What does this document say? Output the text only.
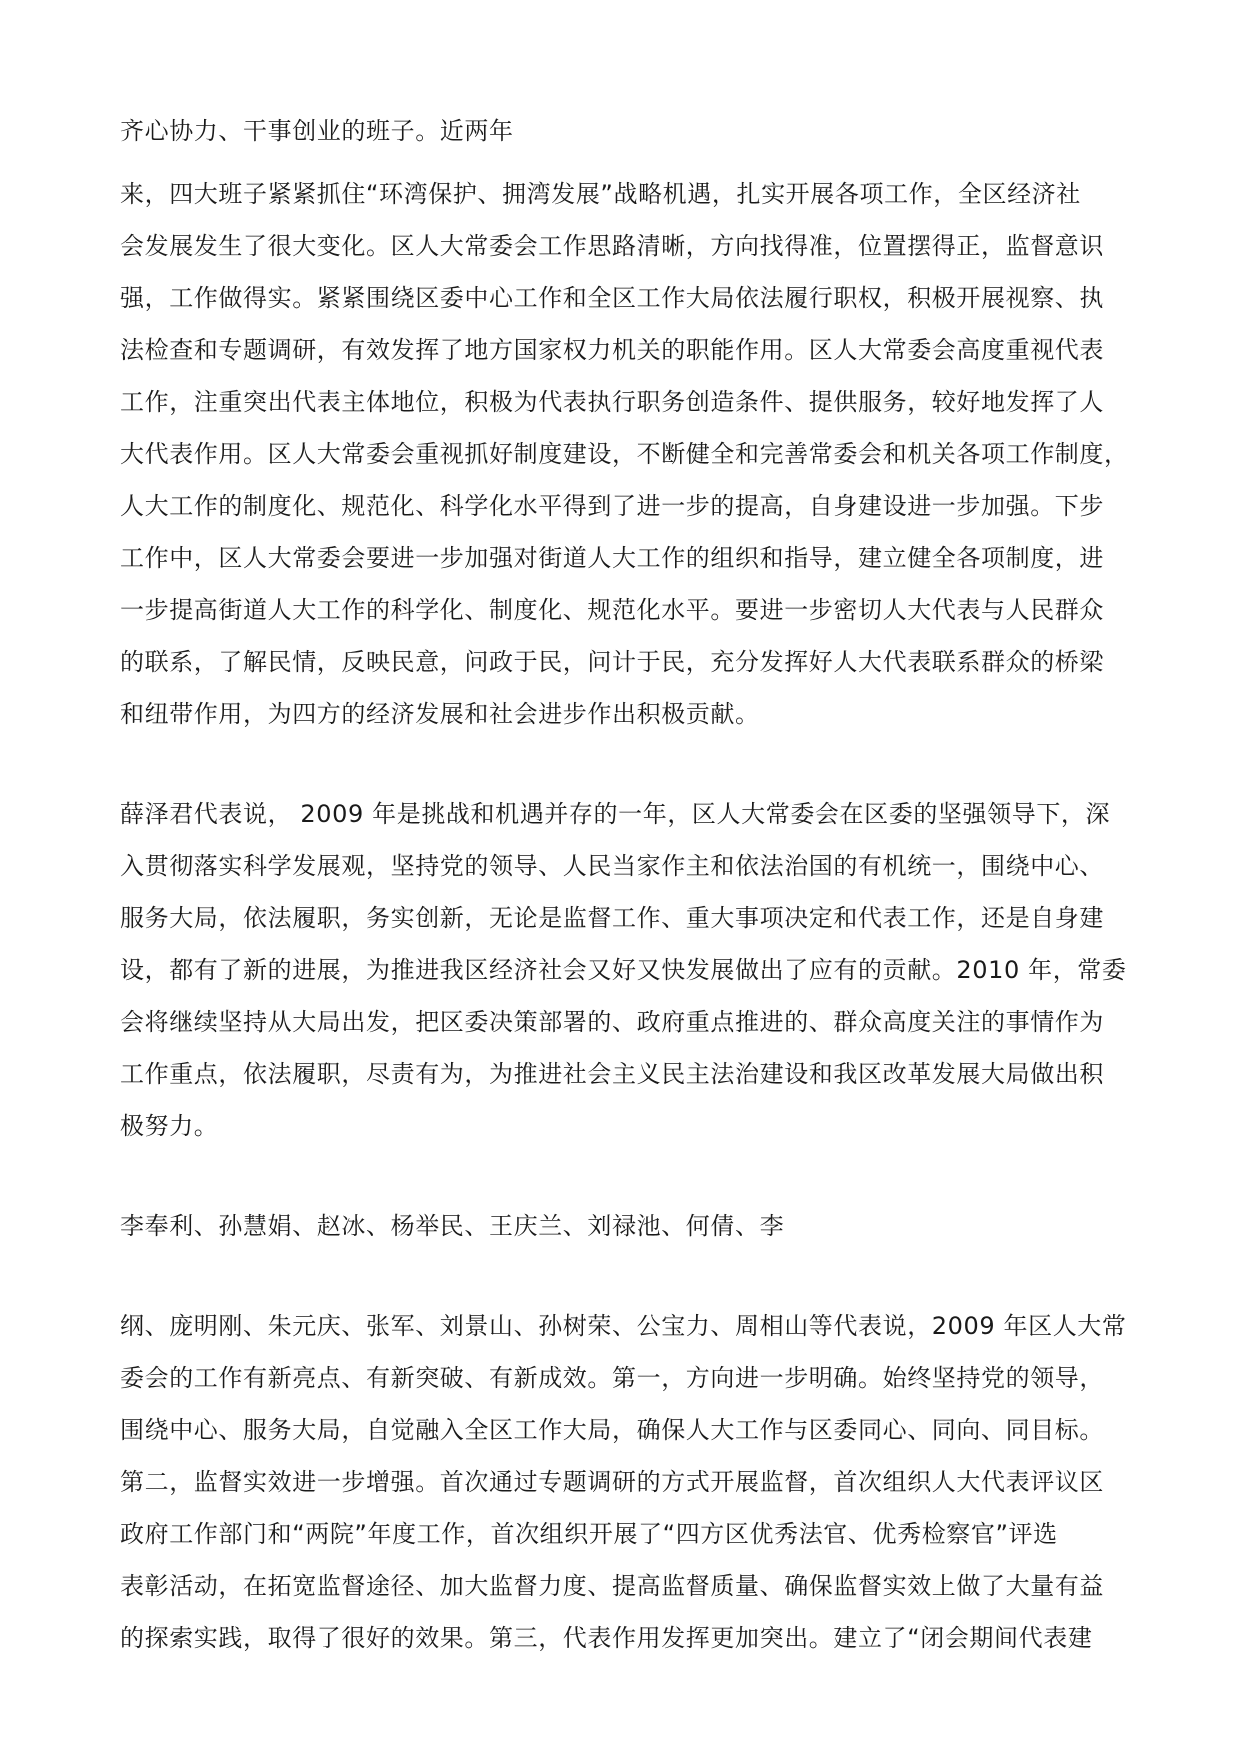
齐心协力、干事创业的班子。近两年

来，四大班子紧紧抓住“环湾保护、拥湾发展”战略机遇，扎实开展各项工作，全区经济社

会发展发生了很大变化。区人大常委会工作思路清晰，方向找得准，位置摆得正，监督意识

强，工作做得实。紧紧围绕区委中心工作和全区工作大局依法履行职权，积极开展视察、执

法检查和专题调研，有效发挥了地方国家权力机关的职能作用。区人大常委会高度重视代表

工作，注重突出代表主体地位，积极为代表执行职务创造条件、提供服务，较好地发挥了人

大代表作用。区人大常委会重视抓好制度建设，不断健全和完善常委会和机关各项工作制度，

人大工作的制度化、规范化、科学化水平得到了进一步的提高，自身建设进一步加强。下步

工作中，区人大常委会要进一步加强对街道人大工作的组织和指导，建立健全各项制度，进

一步提高街道人大工作的科学化、制度化、规范化水平。要进一步密切人大代表与人民群众

的联系，了解民情，反映民意，问政于民，问计于民，充分发挥好人大代表联系群众的桥梁

和纽带作用，为四方的经济发展和社会进步作出积极贡献。

薛泽君代表说， 2009 年是挑战和机遇并存的一年，区人大常委会在区委的坚强领导下，深

入贯彻落实科学发展观，坚持党的领导、人民当家作主和依法治国的有机统一，围绕中心、

服务大局，依法履职，务实创新，无论是监督工作、重大事项决定和代表工作，还是自身建

设，都有了新的进展，为推进我区经济社会又好又快发展做出了应有的贡献。2010 年，常委

会将继续坚持从大局出发，把区委决策部署的、政府重点推进的、群众高度关注的事情作为

工作重点，依法履职，尽责有为，为推进社会主义民主法治建设和我区改革发展大局做出积

极努力。

李奉利、孙慧娟、赵冰、杨举民、王庆兰、刘禄池、何倩、李

纲、庞明刚、朱元庆、张军、刘景山、孙树荣、公宝力、周相山等代表说，2009 年区人大常

委会的工作有新亮点、有新突破、有新成效。第一，方向进一步明确。始终坚持党的领导，

围绕中心、服务大局，自觉融入全区工作大局，确保人大工作与区委同心、同向、同目标。

第二，监督实效进一步增强。首次通过专题调研的方式开展监督，首次组织人大代表评议区

政府工作部门和“两院”年度工作，首次组织开展了“四方区优秀法官、优秀检察官”评选

表彰活动，在拓宽监督途径、加大监督力度、提高监督质量、确保监督实效上做了大量有益

的探索实践，取得了很好的效果。第三，代表作用发挥更加突出。建立了“闭会期间代表建
